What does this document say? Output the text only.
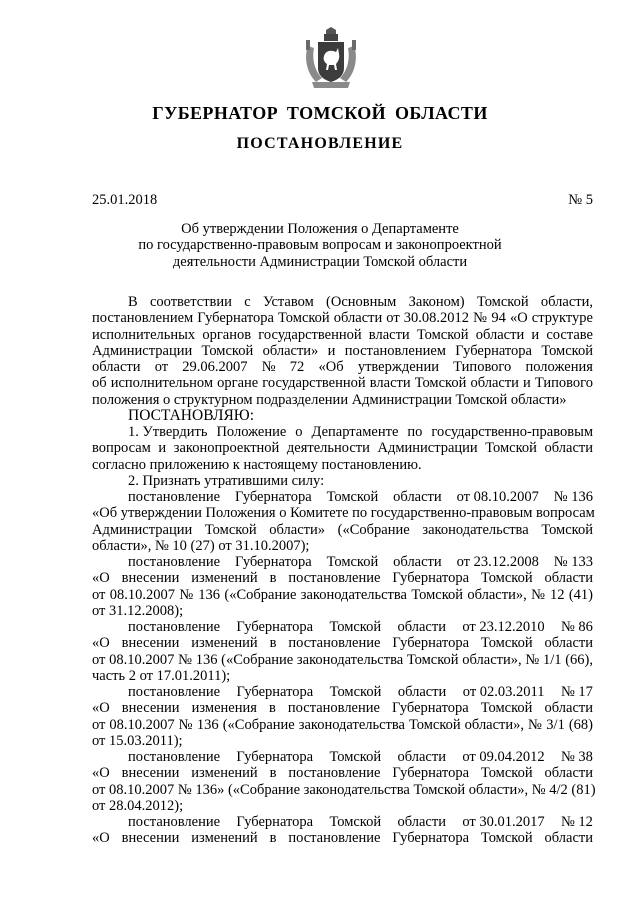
ГУБЕРНАТОР ТОМСКОЙ ОБЛАСТИ
ПОСТАНОВЛЕНИЕ
25.01.2018	№ 5
Об утверждении Положения о Департаменте
по государственно-правовым вопросам и законопроектной
деятельности Администрации Томской области
В соответствии с Уставом (Основным Законом) Томской области,
постановлением Губернатора Томской области от 30.08.2012 № 94 «О структуре
исполнительных органов государственной власти Томской области и составе
Администрации Томской области» и постановлением Губернатора Томской
области от 29.06.2007 № 72 «Об утверждении Типового положения
об исполнительном органе государственной власти Томской области и Типового
положения о структурном подразделении Администрации Томской области»
ПОСТАНОВЛЯЮ:
1. Утвердить Положение о Департаменте по государственно-правовым
вопросам и законопроектной деятельности Администрации Томской области
согласно приложению к настоящему постановлению.
2. Признать утратившими силу:
постановление Губернатора Томской области от 08.10.2007 № 136
«Об утверждении Положения о Комитете по государственно-правовым вопросам
Администрации Томской области» («Собрание законодательства Томской
области», № 10 (27) от 31.10.2007);
постановление Губернатора Томской области от 23.12.2008 № 133
«О внесении изменений в постановление Губернатора Томской области
от 08.10.2007 № 136 («Собрание законодательства Томской области», № 12 (41)
от 31.12.2008);
постановление Губернатора Томской области от 23.12.2010 № 86
«О внесении изменений в постановление Губернатора Томской области
от 08.10.2007 № 136 («Собрание законодательства Томской области», № 1/1 (66),
часть 2 от 17.01.2011);
постановление Губернатора Томской области от 02.03.2011 № 17
«О внесении изменения в постановление Губернатора Томской области
от 08.10.2007 № 136 («Собрание законодательства Томской области», № 3/1 (68)
от 15.03.2011);
постановление Губернатора Томской области от 09.04.2012 № 38
«О внесении изменений в постановление Губернатора Томской области
от 08.10.2007 № 136» («Собрание законодательства Томской области», № 4/2 (81)
от 28.04.2012);
постановление Губернатора Томской области от 30.01.2017 № 12
«О внесении изменений в постановление Губернатора Томской области
